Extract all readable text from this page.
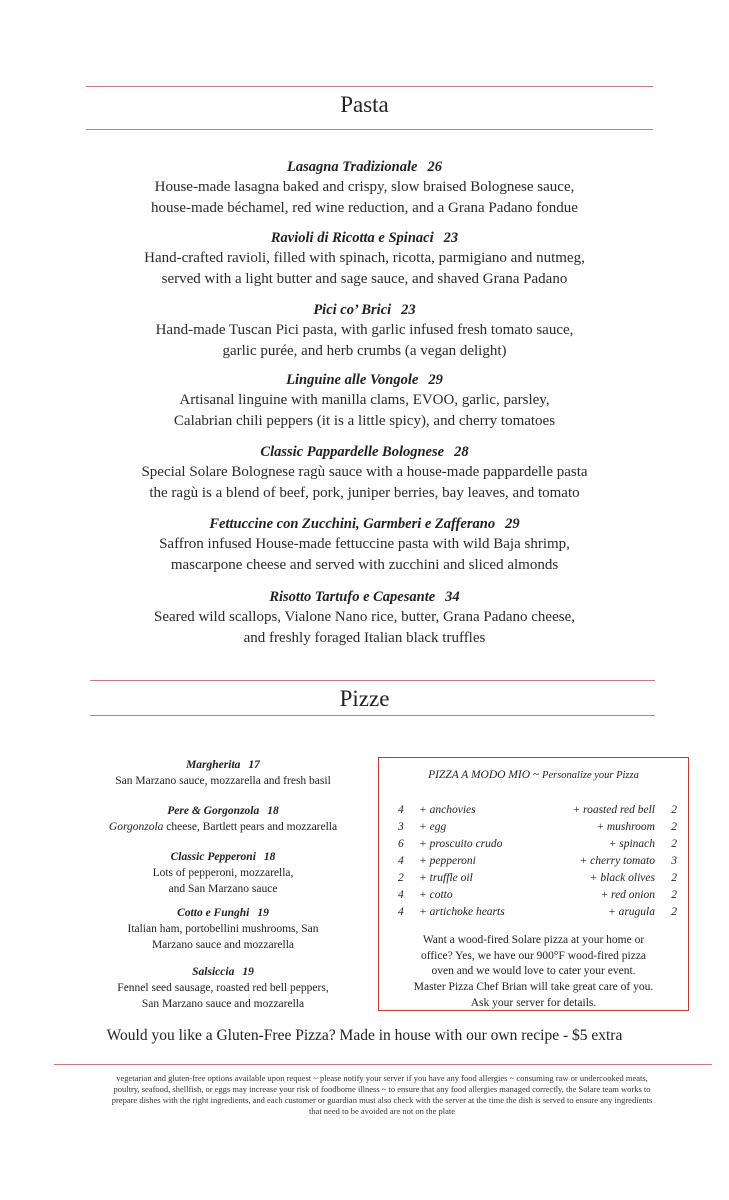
Pasta
Lasagna Tradizionale 26
House-made lasagna baked and crispy, slow braised Bolognese sauce,
house-made béchamel, red wine reduction, and a Grana Padano fondue
Ravioli di Ricotta e Spinaci 23
Hand-crafted ravioli, filled with spinach, ricotta, parmigiano and nutmeg,
served with a light butter and sage sauce, and shaved Grana Padano
Pici co’ Brici 23
Hand-made Tuscan Pici pasta, with garlic infused fresh tomato sauce,
garlic purée, and herb crumbs (a vegan delight)
Linguine alle Vongole 29
Artisanal linguine with manilla clams, EVOO, garlic, parsley,
Calabrian chili peppers (it is a little spicy), and cherry tomatoes
Classic Pappardelle Bolognese 28
Special Solare Bolognese ragù sauce with a house-made pappardelle pasta
the ragù is a blend of beef, pork, juniper berries, bay leaves, and tomato
Fettuccine con Zucchini, Garmberi e Zafferano 29
Saffron infused House-made fettuccine pasta with wild Baja shrimp,
mascarpone cheese and served with zucchini and sliced almonds
Risotto Tartufo e Capesante 34
Seared wild scallops, Vialone Nano rice, butter, Grana Padano cheese,
and freshly foraged Italian black truffles
Pizze
Margherita 17
San Marzano sauce, mozzarella and fresh basil
Pere & Gorgonzola 18
Gorgonzola cheese, Bartlett pears and mozzarella
Classic Pepperoni 18
Lots of pepperoni, mozzarella,
and San Marzano sauce
Cotto e Funghi 19
Italian ham, portobellini mushrooms, San
Marzano sauce and mozzarella
Salsiccia 19
Fennel seed sausage, roasted red bell peppers,
San Marzano sauce and mozzarella
PIZZA A MODO MIO ~ Personalize your Pizza
4 + anchovies	+ roasted red bell 2
3 + egg	+ mushroom 2
6 + proscuito crudo	+ spinach 2
4 + pepperoni	+ cherry tomato 3
2 + truffle oil	+ black olives 2
4 + cotto	+ red onion 2
4 + artichoke hearts	+ arugula 2
Want a wood-fired Solare pizza at your home or
office? Yes, we have our 900°F wood-fired pizza
oven and we would love to cater your event.
Master Pizza Chef Brian will take great care of you.
Ask your server for details.
Would you like a Gluten-Free Pizza? Made in house with our own recipe - $5 extra
vegetarian and gluten-free options available upon request ~ please notify your server if you have any food allergies ~ consuming raw or undercooked meats,
poultry, seafood, shellfish, or eggs may increase your risk of foodborne illness ~ to ensure that any food allergies managed correctly, the Solare team works to
prepare dishes with the right ingredients, and each customer or guardian must also check with the server at the time the dish is served to ensure any ingredients
that need to be avoided are not on the plate
